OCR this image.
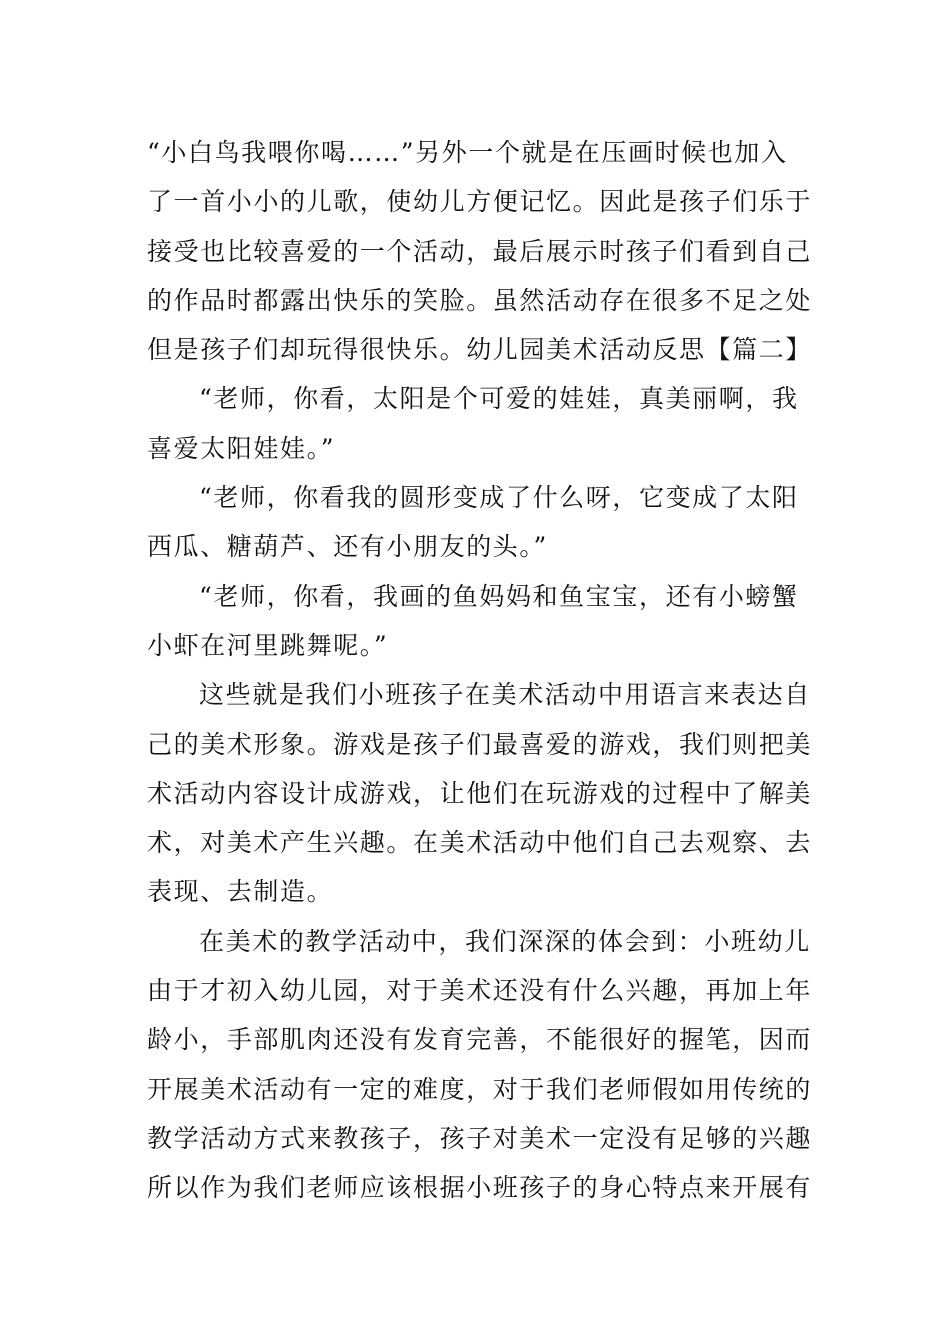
“小白鸟我喂你喝……”另外一个就是在压画时候也加入
了一首小小的儿歌，使幼儿方便记忆。因此是孩子们乐于
接受也比较喜爱的一个活动，最后展示时孩子们看到自己
的作品时都露出快乐的笑脸。虽然活动存在很多不足之处
但是孩子们却玩得很快乐。幼儿园美术活动反思【篇二】
“老师，你看，太阳是个可爱的娃娃，真美丽啊，我
喜爱太阳娃娃。”
“老师，你看我的圆形变成了什么呀，它变成了太阳
西瓜、糖葫芦、还有小朋友的头。”
“老师，你看，我画的鱼妈妈和鱼宝宝，还有小螃蟹
小虾在河里跳舞呢。”
这些就是我们小班孩子在美术活动中用语言来表达自
己的美术形象。游戏是孩子们最喜爱的游戏，我们则把美
术活动内容设计成游戏，让他们在玩游戏的过程中了解美
术，对美术产生兴趣。在美术活动中他们自己去观察、去
表现、去制造。
在美术的教学活动中，我们深深的体会到：小班幼儿
由于才初入幼儿园，对于美术还没有什么兴趣，再加上年
龄小，手部肌肉还没有发育完善，不能很好的握笔，因而
开展美术活动有一定的难度，对于我们老师假如用传统的
教学活动方式来教孩子，孩子对美术一定没有足够的兴趣
所以作为我们老师应该根据小班孩子的身心特点来开展有
